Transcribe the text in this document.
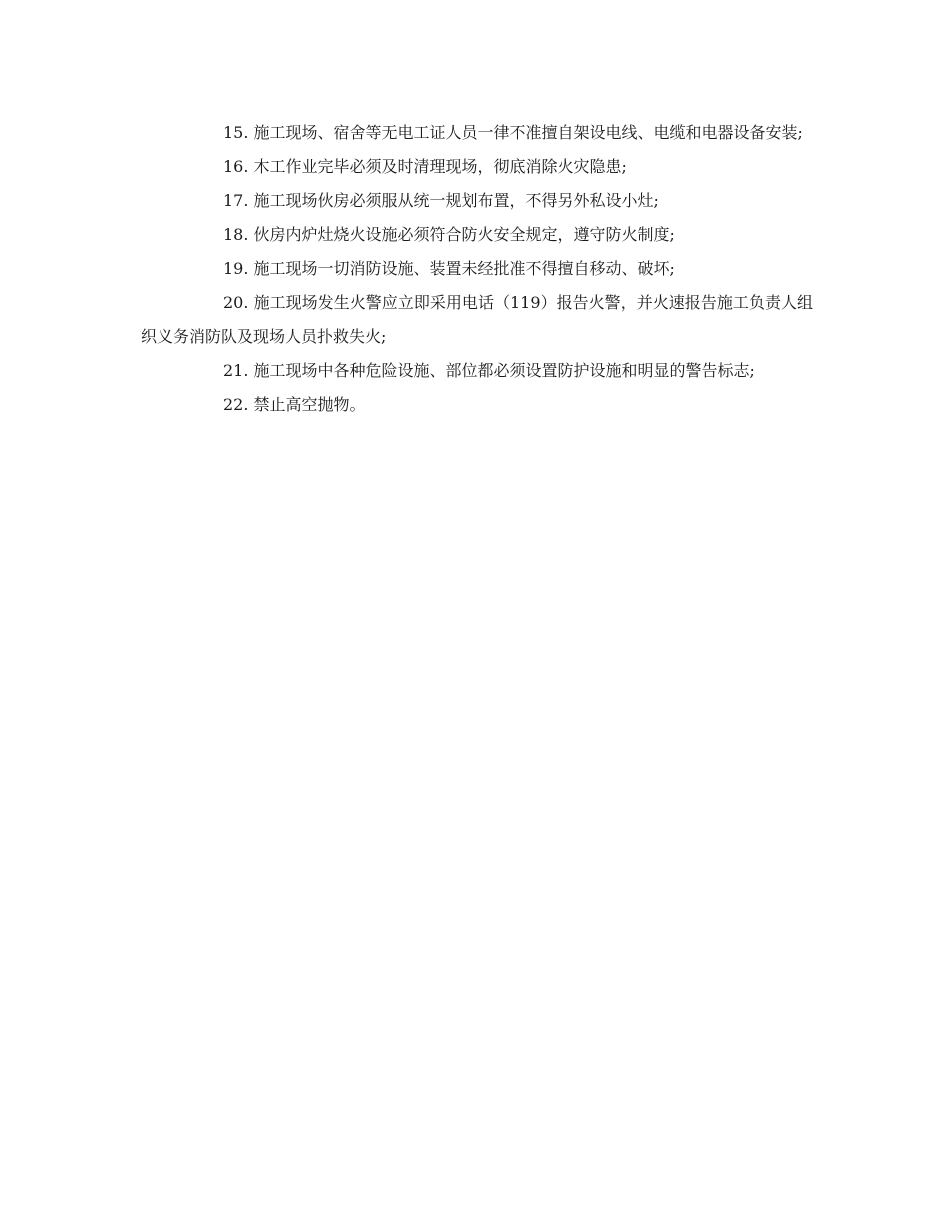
15. 施工现场、宿舍等无电工证人员一律不准擅自架设电线、电缆和电器设备安装;

16. 木工作业完毕必须及时清理现场，彻底消除火灾隐患;

17. 施工现场伙房必须服从统一规划布置，不得另外私设小灶;

18. 伙房内炉灶烧火设施必须符合防火安全规定，遵守防火制度;

19. 施工现场一切消防设施、装置未经批准不得擅自移动、破坏;

20. 施工现场发生火警应立即采用电话（119）报告火警，并火速报告施工负责人组织义务消防队及现场人员扑救失火;

21. 施工现场中各种危险设施、部位都必须设置防护设施和明显的警告标志;

22. 禁止高空抛物。
